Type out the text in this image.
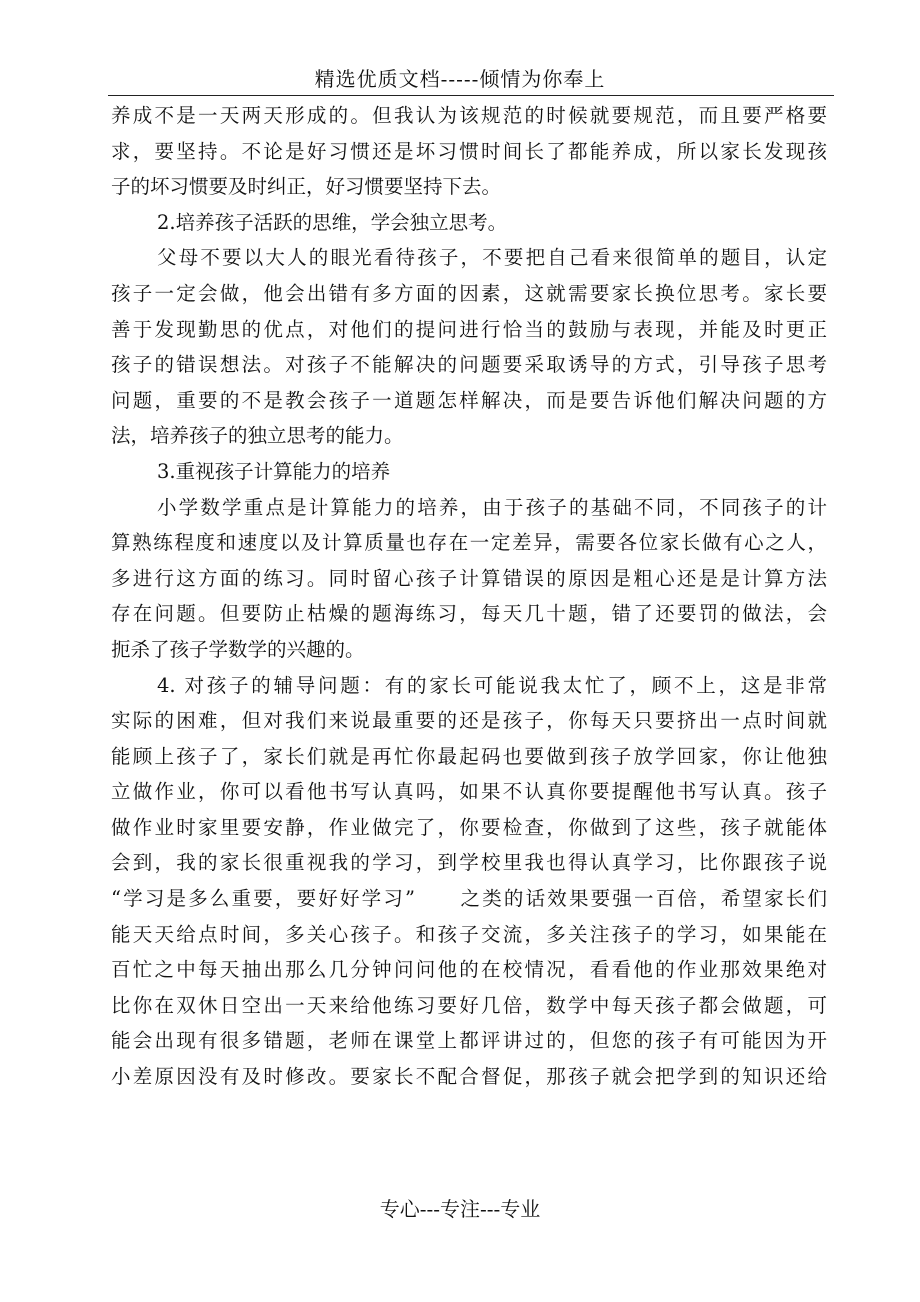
精选优质文档-----倾情为你奉上
养成不是一天两天形成的。但我认为该规范的时候就要规范，而且要严格要
求，要坚持。不论是好习惯还是坏习惯时间长了都能养成，所以家长发现孩
子的坏习惯要及时纠正，好习惯要坚持下去。
2.培养孩子活跃的思维，学会独立思考。
父母不要以大人的眼光看待孩子，不要把自己看来很简单的题目，认定
孩子一定会做，他会出错有多方面的因素，这就需要家长换位思考。家长要
善于发现勤思的优点，对他们的提问进行恰当的鼓励与表现，并能及时更正
孩子的错误想法。对孩子不能解决的问题要采取诱导的方式，引导孩子思考
问题，重要的不是教会孩子一道题怎样解决，而是要告诉他们解决问题的方
法，培养孩子的独立思考的能力。
3.重视孩子计算能力的培养
小学数学重点是计算能力的培养，由于孩子的基础不同，不同孩子的计
算熟练程度和速度以及计算质量也存在一定差异，需要各位家长做有心之人，
多进行这方面的练习。同时留心孩子计算错误的原因是粗心还是是计算方法
存在问题。但要防止枯燥的题海练习，每天几十题，错了还要罚的做法，会
扼杀了孩子学数学的兴趣的。
4. 对孩子的辅导问题：有的家长可能说我太忙了，顾不上，这是非常
实际的困难，但对我们来说最重要的还是孩子，你每天只要挤出一点时间就
能顾上孩子了，家长们就是再忙你最起码也要做到孩子放学回家，你让他独
立做作业，你可以看他书写认真吗，如果不认真你要提醒他书写认真。孩子
做作业时家里要安静，作业做完了，你要检查，你做到了这些，孩子就能体
会到，我的家长很重视我的学习，到学校里我也得认真学习，比你跟孩子说
“学习是多么重要，要好好学习”　　之类的话效果要强一百倍，希望家长们
能天天给点时间，多关心孩子。和孩子交流，多关注孩子的学习，如果能在
百忙之中每天抽出那么几分钟问问他的在校情况，看看他的作业那效果绝对
比你在双休日空出一天来给他练习要好几倍，数学中每天孩子都会做题，可
能会出现有很多错题，老师在课堂上都评讲过的，但您的孩子有可能因为开
小差原因没有及时修改。要家长不配合督促，那孩子就会把学到的知识还给
专心---专注---专业
